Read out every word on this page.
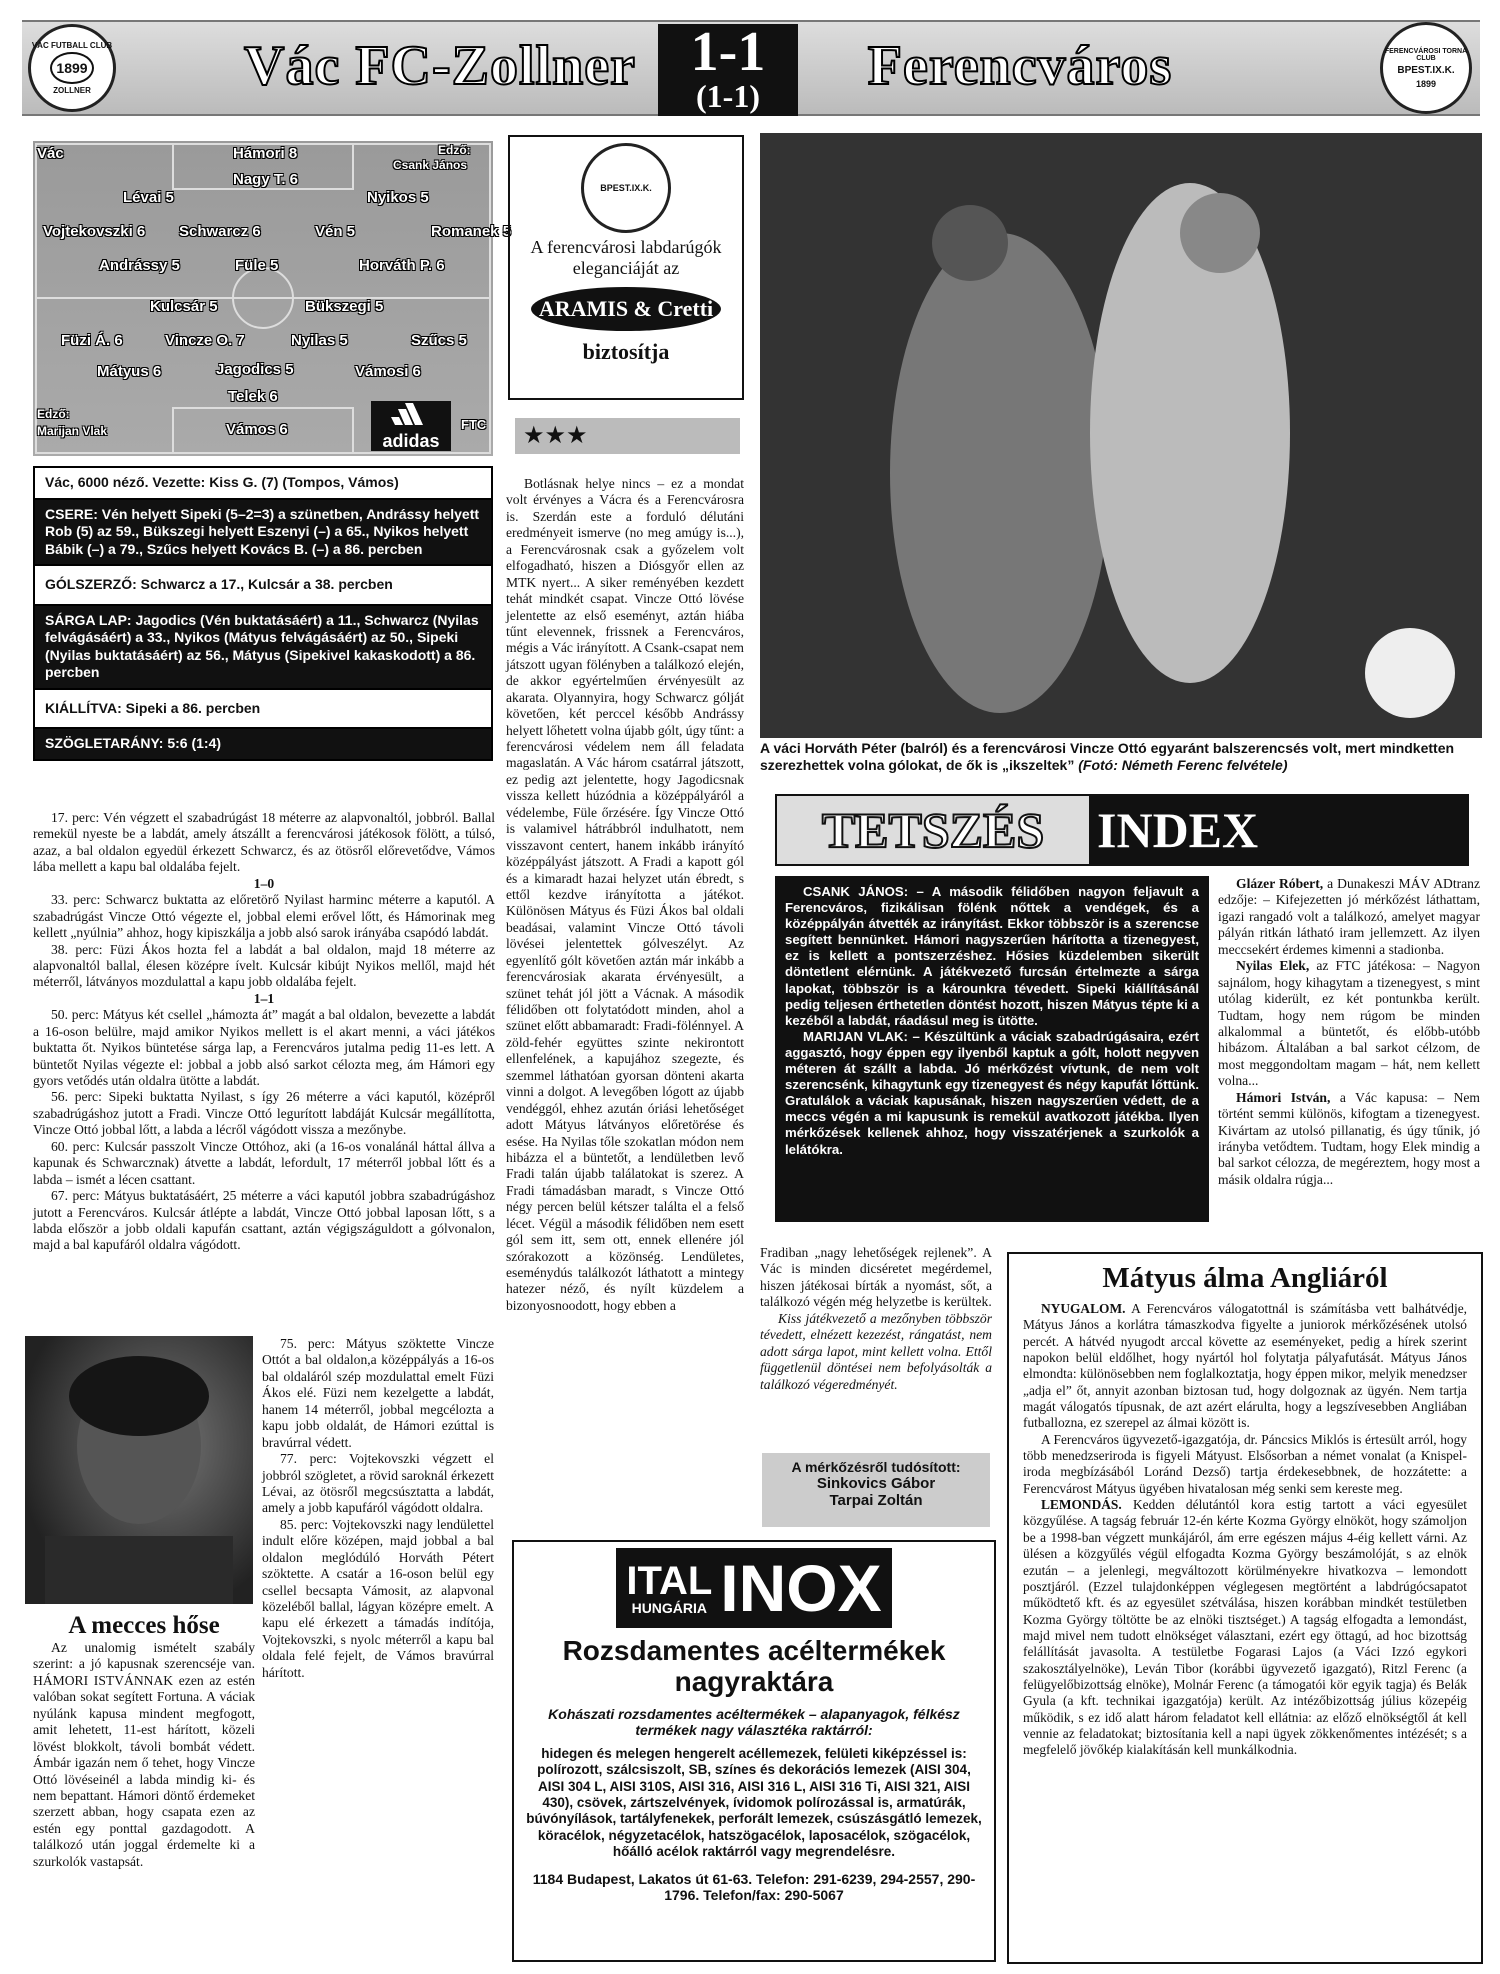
VÁC FUTBALL CLUB
1899
ZOLLNER	Vác FC-Zollner 1-1
(1-1)	Ferencváros	FERENCVÁROSI TORNA CLUB
BPEST.IX.K.
1899
Vác	Edző:
Csank János
Hámori 8
Nagy T. 6
Lévai 5	Nyikos 5
Vojtekovszki 6 Schwarcz 6	Vén 5	Romanek 5
Andrássy 5	Füle 5	Horváth P. 6
Kulcsár 5	Bükszegi 5
Füzi Á. 6	Vincze O. 7	Nyilas 5	Szűcs 5
Mátyus 6	Jagodics 5	Vámosi 6
Telek 6
Vámos 6
Edző:
Marijan Vlak	adidas
FTC
Vác, 6000 néző. Vezette: Kiss G. (7) (Tompos, Vámos)
CSERE: Vén helyett Sipeki (5–2=3) a szünetben, Andrássy helyett Rob (5) az 59., Bükszegi helyett Eszenyi (–) a 65., Nyikos helyett Bábik (–) a 79., Szűcs helyett Kovács B. (–) a 86. percben
GÓLSZERZŐ: Schwarcz a 17., Kulcsár a 38. percben
SÁRGA LAP: Jagodics (Vén buktatásáért) a 11., Schwarcz (Nyilas felvágásáért) a 33., Nyikos (Mátyus felvágásáért) az 50., Sipeki (Nyilas buktatásáért) az 56., Mátyus (Sipekivel kakaskodott) a 86. percben
KIÁLLÍTVA: Sipeki a 86. percben
SZÖGLETARÁNY: 5:6 (1:4)

17. perc: Vén végzett el szabadrúgást 18 méterre az alapvonaltól, jobbról. Ballal remekül nyeste be a labdát, amely átszállt a ferencvárosi játékosok fölött, a túlsó, azaz, a bal oldalon egyedül érkezett Schwarcz, és az ötösről előrevetődve, Vámos lába mellett a kapu bal oldalába fejelt.

1–0

33. perc: Schwarcz buktatta az előretörő Nyilast harminc méterre a kaputól. A szabadrúgást Vincze Ottó végezte el, jobbal elemi erővel lőtt, és Hámorinak meg kellett „nyúlnia” ahhoz, hogy kipiszkálja a jobb alsó sarok irányába csapódó labdát.

38. perc: Füzi Ákos hozta fel a labdát a bal oldalon, majd 18 méterre az alapvonaltól ballal, élesen középre ívelt. Kulcsár kibújt Nyikos mellől, majd hét méterről, látványos mozdulattal a kapu jobb oldalába fejelt.

1–1

50. perc: Mátyus két csellel „hámozta át” magát a bal oldalon, bevezette a labdát a 16-oson belülre, majd amikor Nyikos mellett is el akart menni, a váci játékos buktatta őt. Nyikos büntetése sárga lap, a Ferencváros jutalma pedig 11-es lett. A büntetőt Nyilas végezte el: jobbal a jobb alsó sarkot célozta meg, ám Hámori egy gyors vetődés után oldalra ütötte a labdát.

56. perc: Sipeki buktatta Nyilast, s így 26 méterre a váci kaputól, középről szabadrúgáshoz jutott a Fradi. Vincze Ottó legurított labdáját Kulcsár megállította, Vincze Ottó jobbal lőtt, a labda a lécről vágódott vissza a mezőnybe.

60. perc: Kulcsár passzolt Vincze Ottóhoz, aki (a 16-os vonalánál háttal állva a kapunak és Schwarcznak) átvette a labdát, lefordult, 17 méterről jobbal lőtt és a labda – ismét a lécen csattant.

67. perc: Mátyus buktatásáért, 25 méterre a váci kaputól jobbra szabadrúgáshoz jutott a Ferencváros. Kulcsár átlépte a labdát, Vincze Ottó jobbal laposan lőtt, s a labda először a jobb oldali kapufán csattant, aztán végigszáguldott a gólvonalon, majd a bal kapufáról oldalra vágódott.

75. perc: Mátyus szöktette Vincze Ottót a bal oldalon,a középpályás a 16-os bal oldaláról szép mozdulattal emelt Füzi Ákos elé. Füzi nem kezelgette a labdát, hanem 14 méterről, jobbal megcélozta a kapu jobb oldalát, de Hámori ezúttal is bravúrral védett.

77. perc: Vojtekovszki végzett el jobbról szögletet, a rövid saroknál érkezett Lévai, az ötösről megcsúsztatta a labdát, amely a jobb kapufáról vágódott oldalra.

85. perc: Vojtekovszki nagy lendülettel indult előre középen, majd jobbal a bal oldalon meglódúló Horváth Pétert szöktette. A csatár a 16-oson belül egy csellel becsapta Vámosit, az alapvonal közeléből ballal, lágyan középre emelt. A kapu elé érkezett a támadás indítója, Vojtekovszki, s nyolc méterről a kapu bal oldala felé fejelt, de Vámos bravúrral hárított.

A mecces hőse
Az unalomig ismételt szabály szerint: a jó kapusnak szerencséje van. HÁMORI ISTVÁNNAK ezen az estén valóban sokat segített Fortuna. A váciak nyúlánk kapusa mindent megfogott, amit lehetett, 11-est hárított, közeli lövést blokkolt, távoli bombát védett. Ámbár igazán nem ő tehet, hogy Vincze Ottó lövéseinél a labda mindig ki- és nem bepattant. Hámori döntő érdemeket szerzett abban, hogy csapata ezen az estén egy ponttal gazdagodott. A találkozó után joggal érdemelte ki a szurkolók vastapsát.
BPEST.IX.K.
A ferencvárosi labdarúgók
eleganciáját az
ARAMIS & Cretti
biztosítja
★★★
Botlásnak helye nincs – ez a mondat volt érvényes a Vácra és a Ferencvárosra is. Szerdán este a forduló délutáni eredményeit ismerve (no meg amúgy is...), a Ferencvárosnak csak a győzelem volt elfogadható, hiszen a Diósgyőr ellen az MTK nyert... A siker reményében kezdett tehát mindkét csapat. Vincze Ottó lövése jelentette az első eseményt, aztán hiába tűnt elevennek, frissnek a Ferencváros, mégis a Vác irányított. A Csank-csapat nem játszott ugyan fölényben a találkozó elején, de akkor egyértelműen érvényesült az akarata. Olyannyira, hogy Schwarcz gólját követően, két perccel később Andrássy helyett lőhetett volna újabb gólt, úgy tűnt: a ferencvárosi védelem nem áll feladata magaslatán. A Vác három csatárral játszott, ez pedig azt jelentette, hogy Jagodicsnak vissza kellett húzódnia a középpályáról a védelembe, Füle őrzésére. Így Vincze Ottó is valamivel hátrábbról indulhatott, nem visszavont centert, hanem inkább irányító középpályást játszott. A Fradi a kapott gól és a kimaradt hazai helyzet után ébredt, s ettől kezdve irányította a játékot. Különösen Mátyus és Füzi Ákos bal oldali beadásai, valamint Vincze Ottó távoli lövései jelentettek gólveszélyt. Az egyenlítő gólt követően aztán már inkább a ferencvárosiak akarata érvényesült, a szünet tehát jól jött a Vácnak. A második félidőben ott folytatódott minden, ahol a szünet előtt abbamaradt: Fradi-fölénnyel. A zöld-fehér együttes szinte nekirontott ellenfelének, a kapujához szegezte, és szemmel láthatóan gyorsan dönteni akarta vinni a dolgot. A levegőben lógott az újabb vendéggól, ehhez azután óriási lehetőséget adott Mátyus látványos előretörése és esése. Ha Nyilas tőle szokatlan módon nem hibázza el a büntetőt, a lendületben levő Fradi talán újabb találatokat is szerez. A Fradi támadásban maradt, s Vincze Ottó négy percen belül kétszer találta el a felső lécet. Végül a második félidőben nem esett gól sem itt, sem ott, ennek ellenére jól szórakozott a közönség. Lendületes, eseménydús találkozót láthatott a mintegy hatezer néző, és nyílt küzdelem a bizonyosnoodott, hogy ebben a
A váci Horváth Péter (balról) és a ferencvárosi Vincze Ottó egyaránt balszerencsés volt, mert mindketten szerezhettek volna gólokat, de ők is „ikszeltek” (Fotó: Németh Ferenc felvétele)
TETSZÉS	INDEX

CSANK JÁNOS: – A második félidőben nagyon feljavult a Ferencváros, fizikálisan fölénk nőttek a vendégek, és a középpályán átvették az irányítást. Ekkor többször is a szerencse segített bennünket. Hámori nagyszerűen hárította a tizenegyest, ez is kellett a pontszerzéshez. Hősies küzdelemben sikerült döntetlent elérnünk. A játékvezető furcsán értelmezte a sárga lapokat, többször is a károunkra tévedett. Sipeki kiállításánál pedig teljesen érthetetlen döntést hozott, hiszen Mátyus tépte ki a kezéből a labdát, ráadásul meg is ütötte.

MARIJAN VLAK: – Készültünk a váciak szabadrúgásaira, ezért aggasztó, hogy éppen egy ilyenből kaptuk a gólt, holott negyven méteren át szállt a labda. Jó mérkőzést vívtunk, de nem volt szerencsénk, kihagytunk egy tizenegyest és négy kapufát lőttünk. Gratulálok a váciak kapusának, hiszen nagyszerűen védett, de a meccs végén a mi kapusunk is remekül avatkozott játékba. Ilyen mérkőzések kellenek ahhoz, hogy visszatérjenek a szurkolók a lelátókra.

Glázer Róbert, a Dunakeszi MÁV ADtranz edzője: – Kifejezetten jó mérkőzést láthattam, igazi rangadó volt a találkozó, amelyet magyar pályán ritkán látható iram jellemzett. Az ilyen meccsekért érdemes kimenni a stadionba.

Nyilas Elek, az FTC játékosa: – Nagyon sajnálom, hogy kihagytam a tizenegyest, s mint utólag kiderült, ez két pontunkba került. Tudtam, hogy nem rúgom be minden alkalommal a büntetőt, és előbb-utóbb hibázom. Általában a bal sarkot célzom, de most meggondoltam magam – hát, nem kellett volna...

Hámori István, a Vác kapusa: – Nem történt semmi különös, kifogtam a tizenegyest. Kivártam az utolsó pillanatig, és úgy tűnik, jó irányba vetődtem. Tudtam, hogy Elek mindig a bal sarkot célozza, de megéreztem, hogy most a másik oldalra rúgja...

Fradiban „nagy lehetőségek rejlenek”. A Vác is minden dicséretet megérdemel, hiszen játékosai bírták a nyomást, sőt, a találkozó végén még helyzetbe is kerültek.

Kiss játékvezető a mezőnyben többször tévedett, elnézett kezezést, rángatást, nem adott sárga lapot, mint kellett volna. Ettől függetlenül döntései nem befolyásolták a találkozó végeredményét.

A mérkőzésről tudósított:
Sinkovics Gábor
Tarpai Zoltán
ITAL
HUNGÁRIA INOX
Rozsdamentes acéltermékek nagyraktára
Kohászati rozsdamentes acéltermékek – alapanyagok, félkész termékek nagy választéka raktárról:
hidegen és melegen hengerelt acéllemezek, felületi kiképzéssel is: polírozott, szálcsiszolt, SB, színes és dekorációs lemezek (AISI 304, AISI 304 L, AISI 310S, AISI 316, AISI 316 L, AISI 316 Ti, AISI 321, AISI 430), csövek, zártszelvények, ívidomok polírozással is, armatúrák, búvónyílások, tartályfenekek, perforált lemezek, csúszásgátló lemezek, köracélok, négyzetacélok, hatszögacélok, laposacélok, szögacélok, hőálló acélok raktárról vagy megrendelésre.
1184 Budapest, Lakatos út 61-63. Telefon: 291-6239, 294-2557, 290-1796. Telefon/fax: 290-5067
Mátyus álma Angliáról

NYUGALOM. A Ferencváros válogatottnál is számításba vett balhátvédje, Mátyus János a korlátra támaszkodva figyelte a juniorok mérkőzésének utolsó percét. A hátvéd nyugodt arccal követte az eseményeket, pedig a hírek szerint napokon belül eldőlhet, hogy nyártól hol folytatja pályafutását. Mátyus János elmondta: különösebben nem foglalkoztatja, hogy éppen mikor, melyik menedzser „adja el” őt, annyit azonban biztosan tud, hogy dolgoznak az ügyén. Nem tartja magát válogatós típusnak, de azt azért elárulta, hogy a legszívesebben Angliában futballozna, ez szerepel az álmai között is.

A Ferencváros ügyvezető-igazgatója, dr. Páncsics Miklós is értesült arról, hogy több menedzserirodа is figyeli Mátyust. Elsősorban a német vonalat (a Knispel-iroda megbízásából Loránd Dezső) tartja érdekesebbnek, de hozzátette: a Ferencvárost Mátyus ügyében hivatalosan még senki sem kereste meg.

LEMONDÁS. Kedden délutántól kora estig tartott a váci egyesület közgyűlése. A tagság február 12-én kérte Kozma György elnököt, hogy számoljon be a 1998-ban végzett munkájáról, ám erre egészen május 4-éig kellett várni. Az ülésen a közgyűlés végül elfogadta Kozma György beszámolóját, s az elnök ezután – a jelenlegi, megváltozott körülményekre hivatkozva – lemondott posztjáról. (Ezzel tulajdonképpen véglegesen megtörtént a labdrúgócsapatot működtető kft. és az egyesület szétválása, hiszen korábban mindkét testületben Kozma György töltötte be az elnöki tisztséget.) A tagság elfogadta a lemondást, majd mivel nem tudott elnökséget választani, ezért egy öttagú, ad hoc bizottság felállítását javasolta. A testületbe Fogarasi Lajos (a Váci Izzó egykori szakosztályelnöke), Leván Tibor (korábbi ügyvezető igazgató), Ritzl Ferenc (a felügyelőbizottság elnöke), Molnár Ferenc (a támogatói kör egyik tagja) és Belák Gyula (a kft. technikai igazgatója) került. Az intézőbizottság július közepéig működik, s ez idő alatt három feladatot kell ellátnia: az előző elnökségtől át kell vennie az feladatokat; biztosítania kell a napi ügyek zökkenőmentes intézését; s a megfelelő jövőkép kialakításán kell munkálkodnia.
